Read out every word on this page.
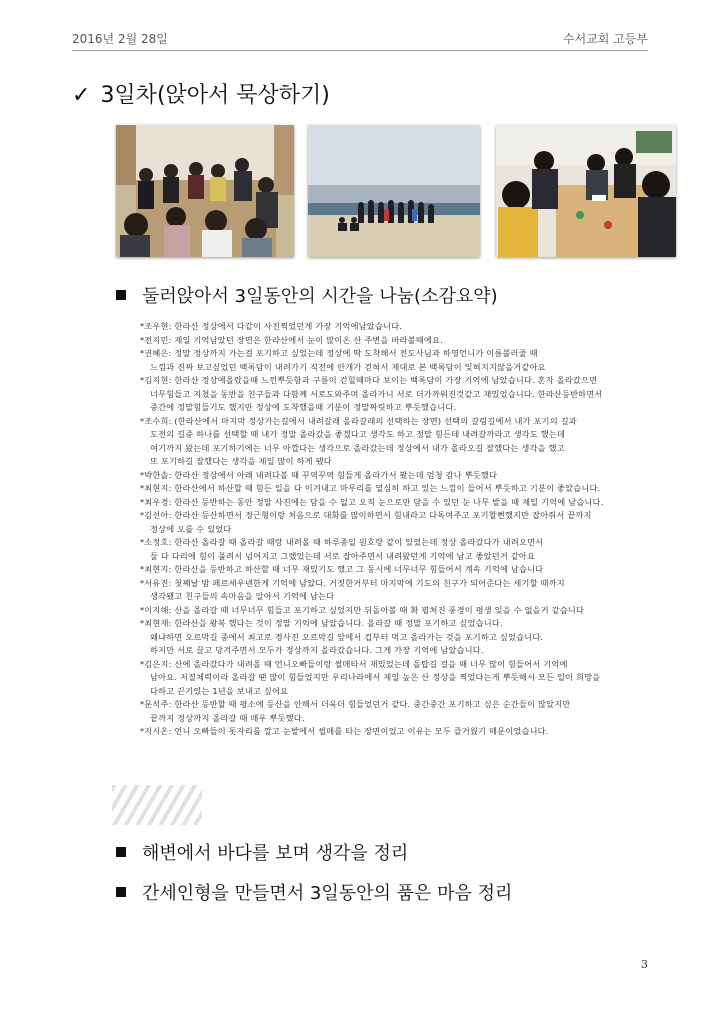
2016년 2월 28일	수서교회 고등부
✓ 3일차(앉아서 묵상하기)
둘러앉아서 3일동안의 시간을 나눔(소감요약)
*조우현: 한라산 정상에서 다같이 사진찍었던게 가장 기억에남았습니다.
*전지민: 제일 기억남았던 장면은 한라산에서 눈이 많이온 산 주변을 바라볼때에요.
*권혜은: 정말 정상까지 가는걸 포기하고 싶었는데 정상에 딱 도착해서 전도사님과 하영언니가 이름불러줄 때
느낌과 진짜 보고싶었던 백록담이 내려가기 직전에 안개가 걷혀서 제대로 본 백록담이 잊혀지지않을거같아요
*김지현: 한라산 정상에올랐을때 느낀뿌듯함과 구름이 걷힐때마다 보이는 백록담이 가장 기억에 남았습니다. 혼자 올라갔으면
너무힘들고 지쳤을 동반을 친구들과 다함께 서로도와주며 올라가니 서로 더가까워진것같고 재밌었습니다. 한라산등반하면서
중간에 정말힘들기도 했지만 정상에 도착했을때 기분이 정말짜릿하고 뿌듯했습니다.
*조수희: (한라산에서 마지막 정상가는길에서 내려갈래 올라갈래의 선택하는 장면) 선택의 갈림길에서 내가 포기의 길과
도전의 길중 하나를 선택할 때 내가 정말 올라갔을 좋겠다고 생각도 하고 정말 힘든데 내려갈까라고 생각도 했는데
여기까지 왔는데 포기하기에는 너무 아깝다는 생각으로 올라갔는데 정상에서 내가 올라오길 잘했다는 생각을 했고
또 포기하길 잘했다는 생각을 제일 많이 하게 됐다
*박한솔: 한라산 정상에서 아래 내려다볼 때 꾸역꾸역 힘들게 올라가서 봤는데 엄청 감나 뿌듯했다
*최현지: 한라산에서 하산할 때 힘든 일을 다 이겨내고 마무리를 열심히 하고 있는 느낌이 들어서 뿌듯하고 기분이 좋았습니다.
*최우경: 한라산 등반하는 동안 정말 사진에는 담을 수 없고 오직 눈으로만 담을 수 있던 눈 나무 밭을 때 제일 기억에 남습니다.
*김선아: 한라산 등산하면서 정근형이랑 처음으로 대화를 많이하면서 힘내라고 다독여주고 포기할뻔했지만 잡아줘서 끝까지
정상에 오를 수 있었다
*소정호: 한라산 올라갈 때 올라갈 때랑 내려올 때 하루종일 원호랑 같이 있었는데 정상 올라갔다가 내려오면서
둘 다 다리에 힘이 풀려서 넘어지고 그랬었는데 서로 잡아주면서 내려왔던게 기억에 남고 좋았던거 같아요
*최현지: 한라산을 등반하고 하산할 때 너무 재밌기도 했고 그 동시에 너무너무 힘들어서 계속 기억에 남습니다
*서유진: 첫째날 밤 페르세우넨한게 기억에 남았다. 거짓한거부터 마지막에 기도의 친구가 되어준다는 세기할 때까지
생각됐고 친구들의 속마음을 알아서 기억에 남는다
*이지해: 산을 올라갈 때 너무너무 힘들고 포기하고 싶었지만 뒤돌아볼 때 확 펼쳐진 풍경이 평생 잊을 수 없을거 같습니다
*최현재: 한라산을 왕복 했다는 것이 정말 기억에 남았습니다. 올라갈 때 정말 포기하고 싶었습니다.
왜냐하면 오르막길 중에서 최고로 경사진 오르막길 앞에서 겁부터 먹고 올라가는 것을 포기하고 싶었습니다.
하지만 서로 끌고 당겨주면서 모두가 정상까지 올라갔습니다. 그게 가장 기억에 남았습니다.
*김은지: 산에 올라갔다가 내려올 때 언니오빠들이랑 썰매타서 재밌었는데 돌탑길 걸을 때 너무 많이 힘들어서 기억에
남아요. 저질체력이라 올라갈 땐 많이 힘들었지만 우리나라에서 제일 높은 산 정상을 찍었다는게 뿌듯해서 모든 일이 희망을
다하고 끈기있는 1년을 보내고 싶어요
*문석주: 한라산 등반할 때 평소에 등산을 안해서 더욱더 힘들었던거 같다. 중간중간 포기하고 싶은 순간들이 많았지만
끝까지 정상까지 올라갈 때 매우 뿌듯했다.
*지시온: 언니 오빠들이 돗자리를 깔고 눈밭에서 썰매를 타는 장면이었고 이유는 모두 즐거웠기 때문이었습니다.
해변에서 바다를 보며 생각을 정리
간세인형을 만들면서 3일동안의 품은 마음 정리
3
